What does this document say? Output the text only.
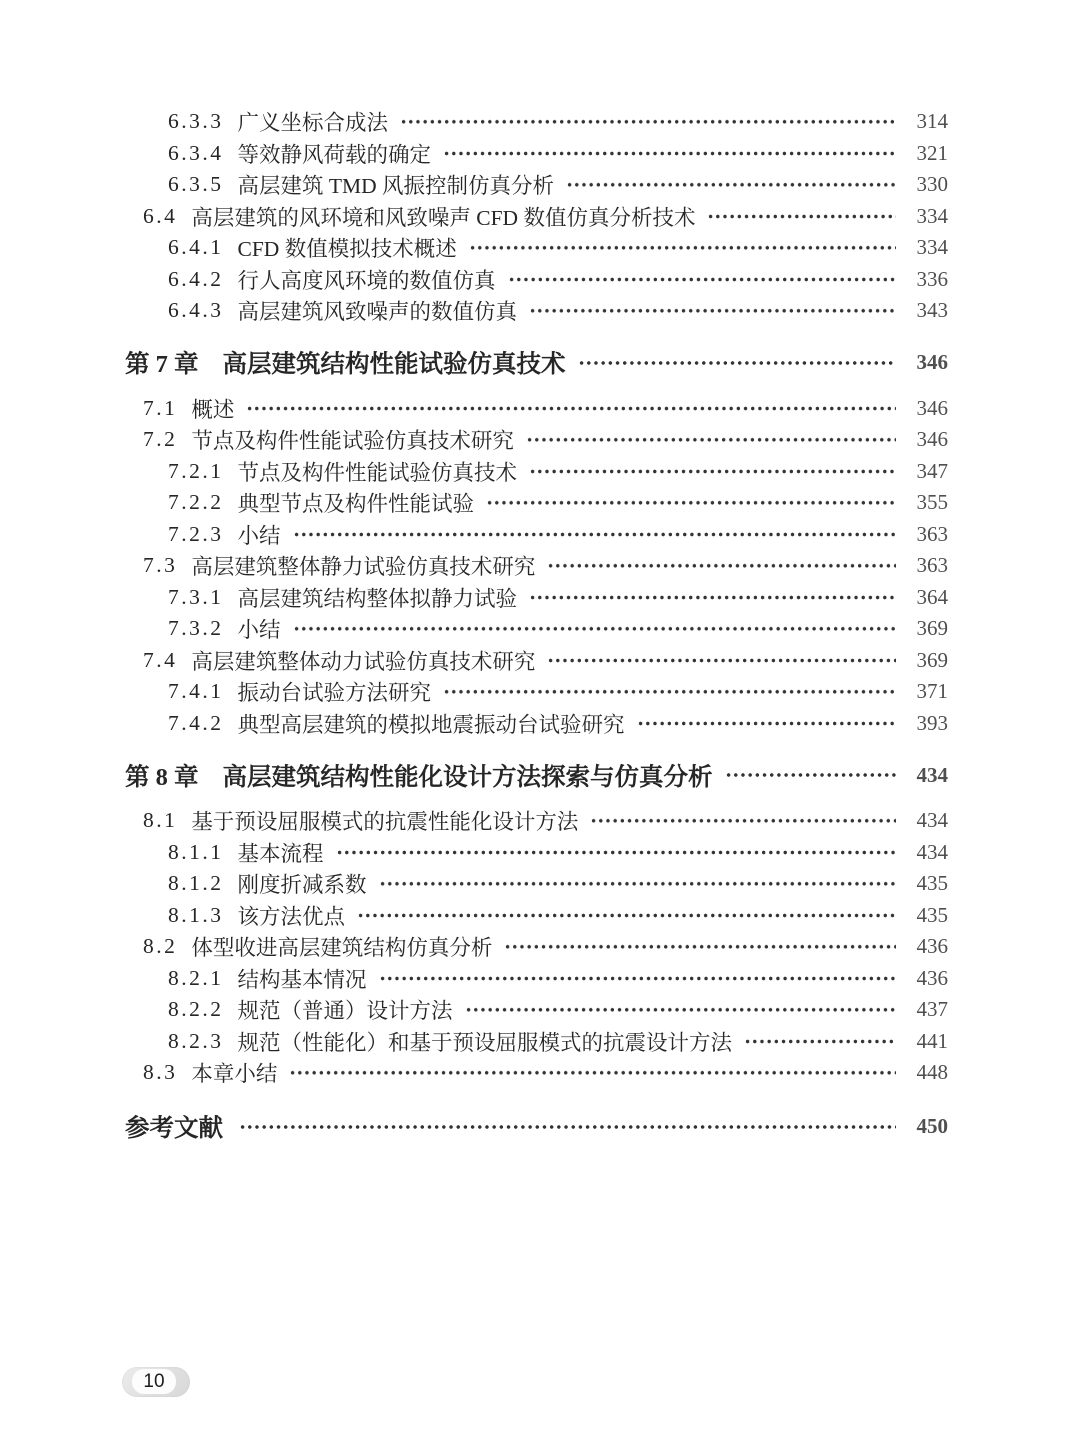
6.3.3 广义坐标合成法	314
6.3.4 等效静风荷载的确定	321
6.3.5 高层建筑 TMD 风振控制仿真分析	330
6.4 高层建筑的风环境和风致噪声 CFD 数值仿真分析技术	334
6.4.1 CFD 数值模拟技术概述	334
6.4.2 行人高度风环境的数值仿真	336
6.4.3 高层建筑风致噪声的数值仿真	343
第 7 章 高层建筑结构性能试验仿真技术	346
7.1 概述	346
7.2 节点及构件性能试验仿真技术研究	346
7.2.1 节点及构件性能试验仿真技术	347
7.2.2 典型节点及构件性能试验	355
7.2.3 小结	363
7.3 高层建筑整体静力试验仿真技术研究	363
7.3.1 高层建筑结构整体拟静力试验	364
7.3.2 小结	369
7.4 高层建筑整体动力试验仿真技术研究	369
7.4.1 振动台试验方法研究	371
7.4.2 典型高层建筑的模拟地震振动台试验研究	393
第 8 章 高层建筑结构性能化设计方法探索与仿真分析	434
8.1 基于预设屈服模式的抗震性能化设计方法	434
8.1.1 基本流程	434
8.1.2 刚度折减系数	435
8.1.3 该方法优点	435
8.2 体型收进高层建筑结构仿真分析	436
8.2.1 结构基本情况	436
8.2.2 规范（普通）设计方法	437
8.2.3 规范（性能化）和基于预设屈服模式的抗震设计方法	441
8.3 本章小结	448
参考文献	450
10
